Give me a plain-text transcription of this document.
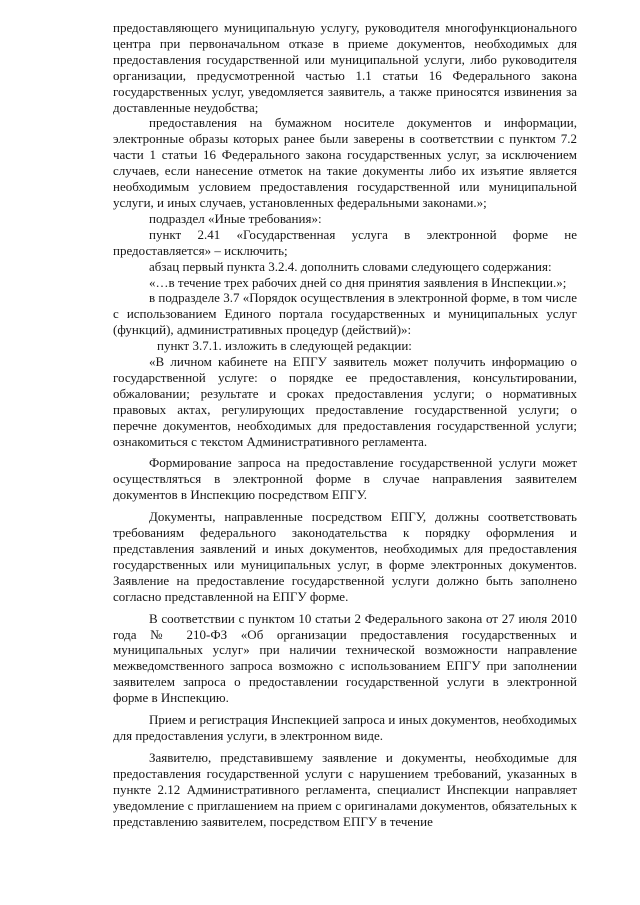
предоставляющего муниципальную услугу, руководителя многофункционального центра при первоначальном отказе в приеме документов, необходимых для предоставления государственной или муниципальной услуги, либо руководителя организации, предусмотренной частью 1.1 статьи 16 Федерального закона государственных услуг, уведомляется заявитель, а также приносятся извинения за доставленные неудобства;

предоставления на бумажном носителе документов и информации, электронные образы которых ранее были заверены в соответствии с пунктом 7.2 части 1 статьи 16 Федерального закона государственных услуг, за исключением случаев, если нанесение отметок на такие документы либо их изъятие является необходимым условием предоставления государственной или муниципальной услуги, и иных случаев, установленных федеральными законами.»;

подраздел «Иные требования»:

пункт 2.41 «Государственная услуга в электронной форме не предоставляется» – исключить;

абзац первый пункта 3.2.4. дополнить словами следующего содержания:

«…в течение трех рабочих дней со дня принятия заявления в Инспекции.»;

в подразделе 3.7 «Порядок осуществления в электронной форме, в том числе с использованием Единого портала государственных и муниципальных услуг (функций), административных процедур (действий)»:

пункт 3.7.1. изложить в следующей редакции:

«В личном кабинете на ЕПГУ заявитель может получить информацию о государственной услуге: о порядке ее предоставления, консультировании, обжаловании; результате и сроках предоставления услуги; о нормативных правовых актах, регулирующих предоставление государственной услуги; о перечне документов, необходимых для предоставления государственной услуги; ознакомиться с текстом Административного регламента.

Формирование запроса на предоставление государственной услуги может осуществляться в электронной форме в случае направления заявителем документов в Инспекцию посредством ЕПГУ.

Документы, направленные посредством ЕПГУ, должны соответствовать требованиям федерального законодательства к порядку оформления и представления заявлений и иных документов, необходимых для предоставления государственных или муниципальных услуг, в форме электронных документов. Заявление на предоставление государственной услуги должно быть заполнено согласно представленной на ЕПГУ форме.

В соответствии с пунктом 10 статьи 2 Федерального закона от 27 июля 2010 года № 210-ФЗ «Об организации предоставления государственных и муниципальных услуг» при наличии технической возможности направление межведомственного запроса возможно с использованием ЕПГУ при заполнении заявителем запроса о предоставлении государственной услуги в электронной форме в Инспекцию.

Прием и регистрация Инспекцией запроса и иных документов, необходимых для предоставления услуги, в электронном виде.

Заявителю, представившему заявление и документы, необходимые для предоставления государственной услуги с нарушением требований, указанных в пункте 2.12 Административного регламента, специалист Инспекции направляет уведомление с приглашением на прием с оригиналами документов, обязательных к представлению заявителем, посредством ЕПГУ в течение
